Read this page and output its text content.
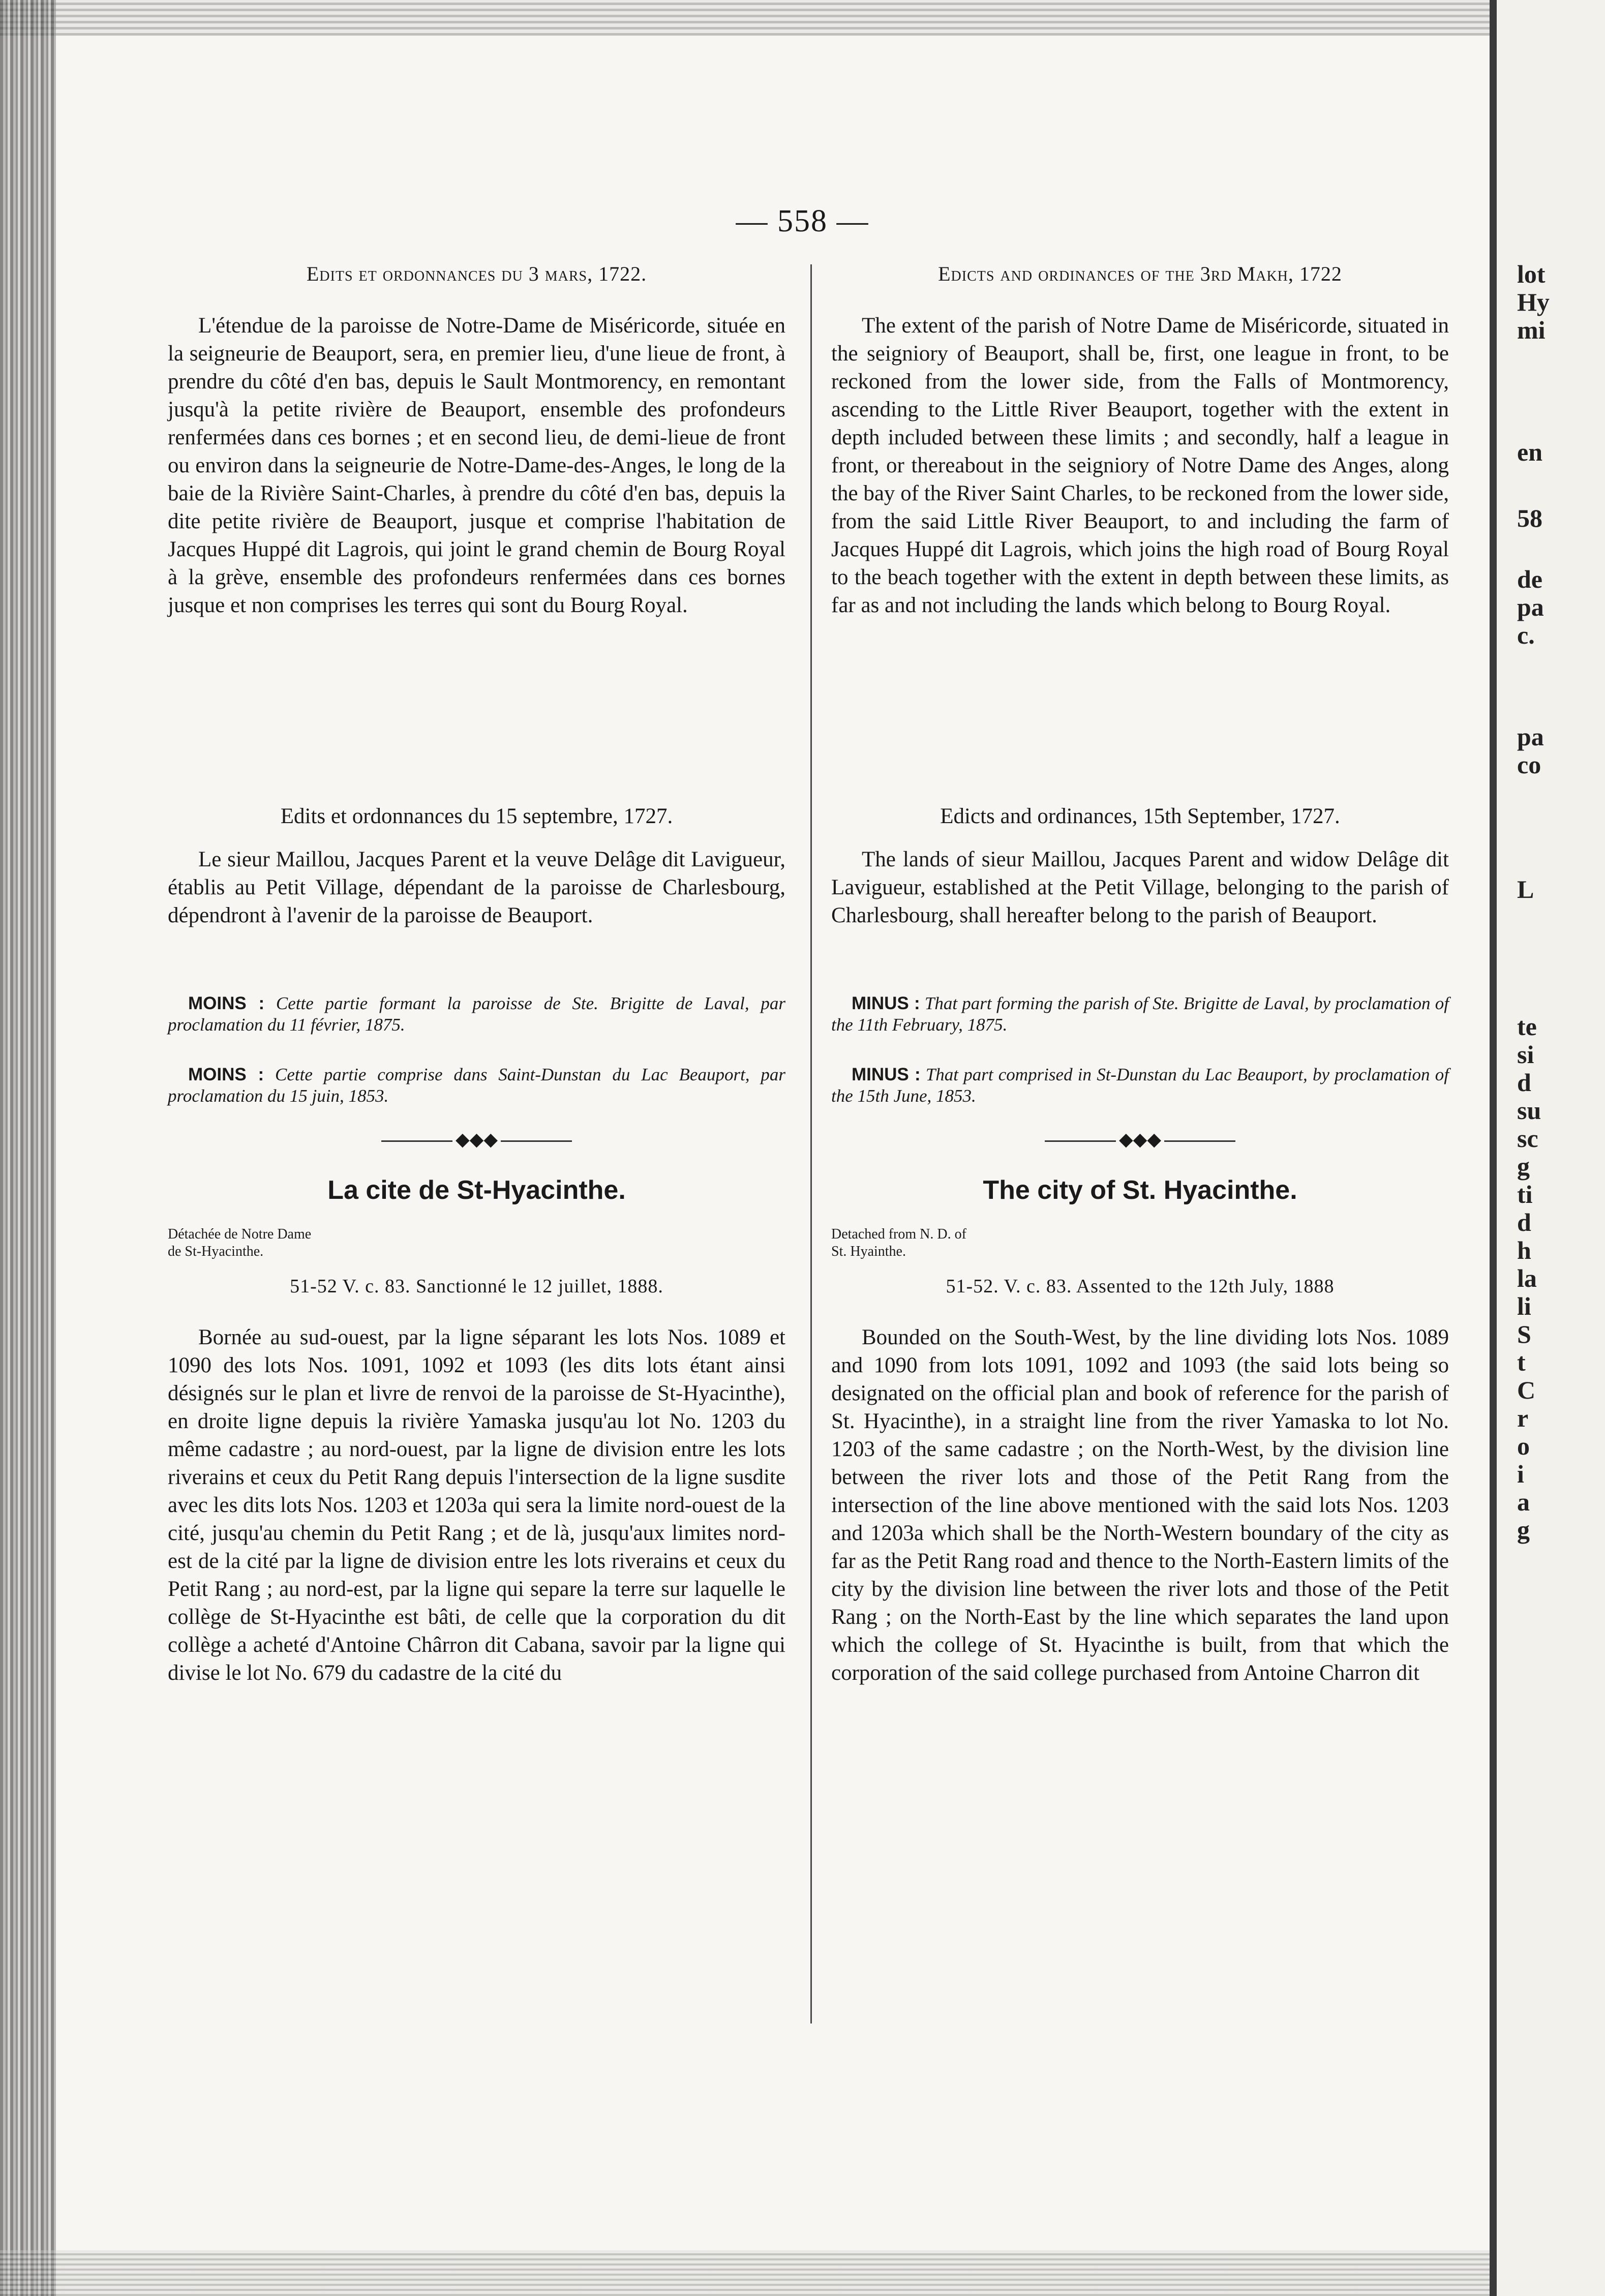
lot
Hy
mi
en
58
de
pa
c.
pa
co
L
te
si
d
su
sc
g
ti
d
h
la
li
S
t
C
r
o
i
a
g
— 558 —
Edits et ordonnances du 3 mars, 1722.

L'étendue de la paroisse de Notre-Dame de Miséricorde, située en la seigneurie de Beauport, sera, en premier lieu, d'une lieue de front, à prendre du côté d'en bas, depuis le Sault Montmorency, en remontant jusqu'à la petite rivière de Beauport, ensemble des profondeurs renfermées dans ces bornes ; et en second lieu, de demi-lieue de front ou environ dans la seigneurie de Notre-Dame-des-Anges, le long de la baie de la Rivière Saint-Charles, à prendre du côté d'en bas, depuis la dite petite rivière de Beauport, jusque et comprise l'habitation de Jacques Huppé dit Lagrois, qui joint le grand chemin de Bourg Royal à la grève, ensemble des profondeurs renfermées dans ces bornes jusque et non comprises les terres qui sont du Bourg Royal.

Edits et ordonnances du 15 septembre, 1727.

Le sieur Maillou, Jacques Parent et la veuve Delâge dit Lavigueur, établis au Petit Village, dépendant de la paroisse de Charlesbourg, dépendront à l'avenir de la paroisse de Beauport.

MOINS : Cette partie formant la paroisse de Ste. Brigitte de Laval, par proclamation du 11 février, 1875.

MOINS : Cette partie comprise dans Saint-Dunstan du Lac Beauport, par proclamation du 15 juin, 1853.

◆◆◆

La cite de St-Hyacinthe.

Détachée de Notre Dame
de St-Hyacinthe.

51-52 V. c. 83. Sanctionné le 12 juillet, 1888.

Bornée au sud-ouest, par la ligne séparant les lots Nos. 1089 et 1090 des lots Nos. 1091, 1092 et 1093 (les dits lots étant ainsi désignés sur le plan et livre de renvoi de la paroisse de St-Hyacinthe), en droite ligne depuis la rivière Yamaska jusqu'au lot No. 1203 du même cadastre ; au nord-ouest, par la ligne de division entre les lots riverains et ceux du Petit Rang depuis l'intersection de la ligne susdite avec les dits lots Nos. 1203 et 1203a qui sera la limite nord-ouest de la cité, jusqu'au chemin du Petit Rang ; et de là, jusqu'aux limites nord-est de la cité par la ligne de division entre les lots riverains et ceux du Petit Rang ; au nord-est, par la ligne qui separe la terre sur laquelle le collège de St-Hyacinthe est bâti, de celle que la corporation du dit collège a acheté d'Antoine Chârron dit Cabana, savoir par la ligne qui divise le lot No. 679 du cadastre de la cité du

Edicts and ordinances of the 3rd Makh, 1722

The extent of the parish of Notre Dame de Miséricorde, situated in the seigniory of Beauport, shall be, first, one league in front, to be reckoned from the lower side, from the Falls of Montmorency, ascending to the Little River Beauport, together with the extent in depth included between these limits ; and secondly, half a league in front, or thereabout in the seigniory of Notre Dame des Anges, along the bay of the River Saint Charles, to be reckoned from the lower side, from the said Little River Beauport, to and including the farm of Jacques Huppé dit Lagrois, which joins the high road of Bourg Royal to the beach together with the extent in depth between these limits, as far as and not including the lands which belong to Bourg Royal.

Edicts and ordinances, 15th September, 1727.

The lands of sieur Maillou, Jacques Parent and widow Delâge dit Lavigueur, established at the Petit Village, belonging to the parish of Charlesbourg, shall hereafter belong to the parish of Beauport.

MINUS : That part forming the parish of Ste. Brigitte de Laval, by proclamation of the 11th February, 1875.

MINUS : That part comprised in St-Dunstan du Lac Beauport, by proclamation of the 15th June, 1853.

◆◆◆

The city of St. Hyacinthe.

Detached from N. D. of
St. Hyainthe.

51-52. V. c. 83. Assented to the 12th July, 1888

Bounded on the South-West, by the line dividing lots Nos. 1089 and 1090 from lots 1091, 1092 and 1093 (the said lots being so designated on the official plan and book of reference for the parish of St. Hyacinthe), in a straight line from the river Yamaska to lot No. 1203 of the same cadastre ; on the North-West, by the division line between the river lots and those of the Petit Rang from the intersection of the line above mentioned with the said lots Nos. 1203 and 1203a which shall be the North-Western boundary of the city as far as the Petit Rang road and thence to the North-Eastern limits of the city by the division line between the river lots and those of the Petit Rang ; on the North-East by the line which separates the land upon which the college of St. Hyacinthe is built, from that which the corporation of the said college purchased from Antoine Charron dit
